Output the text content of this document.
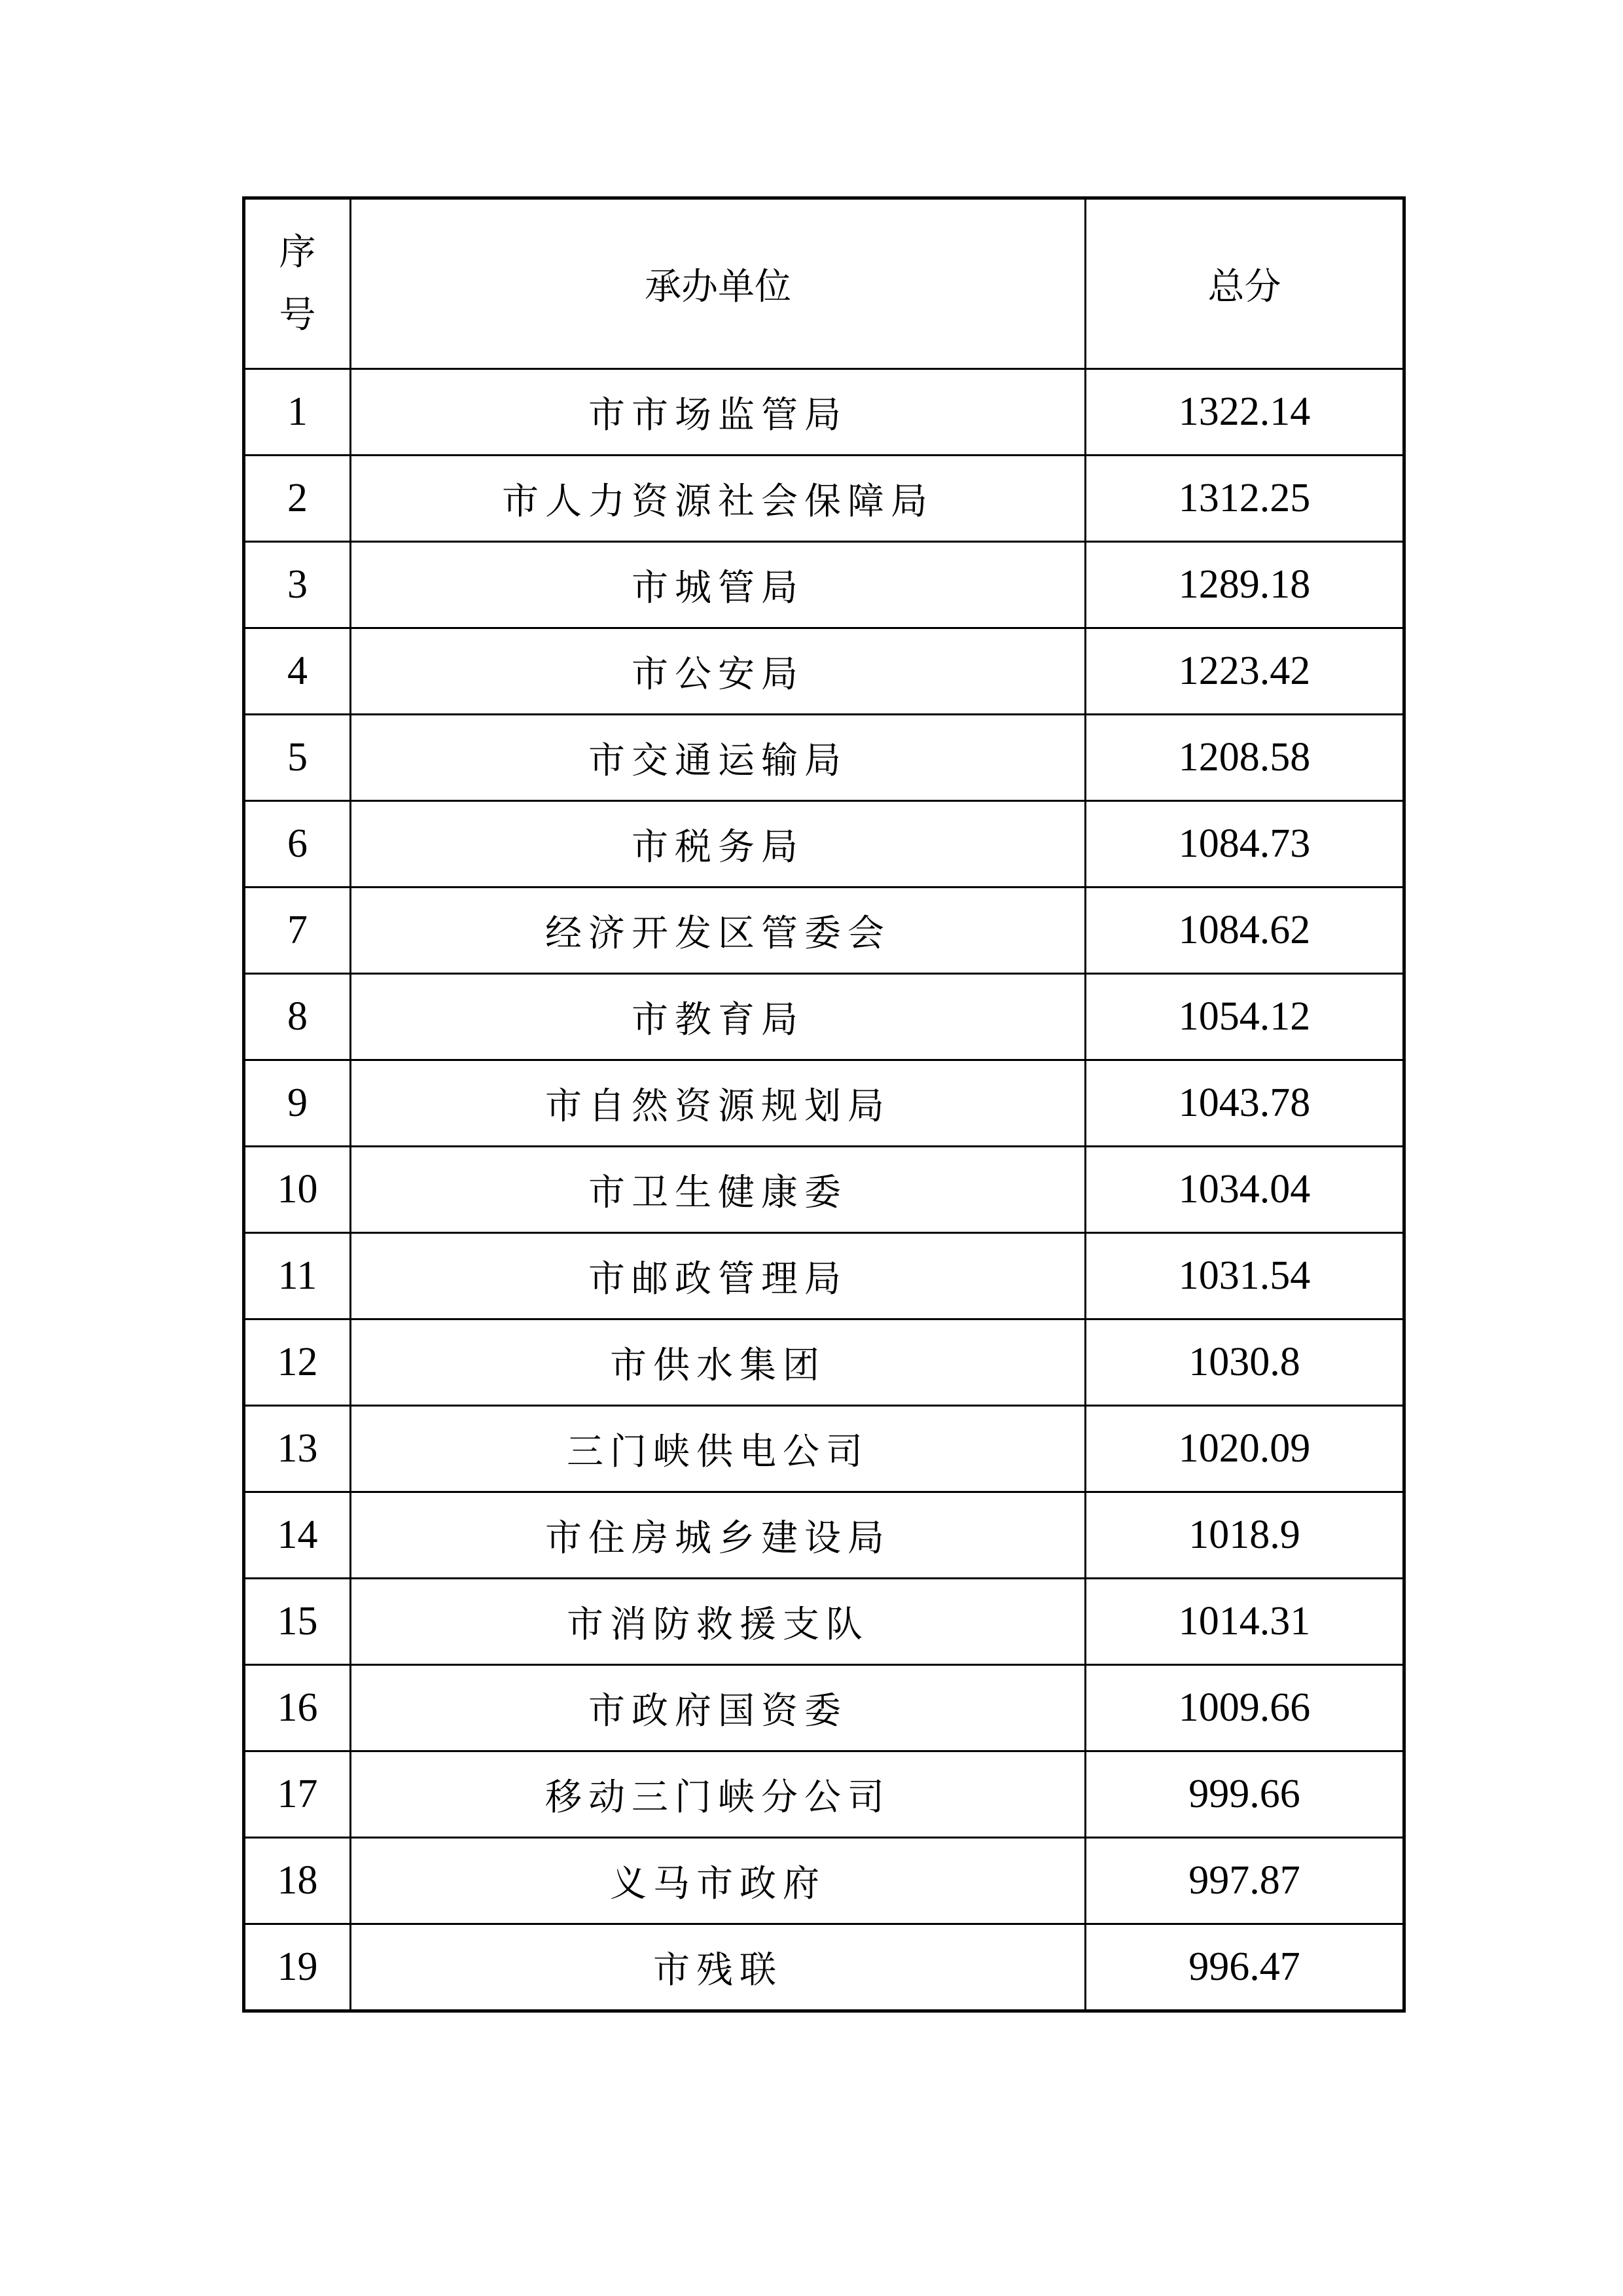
序
号	承办单位	总分
1	市市场监管局	1322.14
2	市人力资源社会保障局	1312.25
3	市城管局	1289.18
4	市公安局	1223.42
5	市交通运输局	1208.58
6	市税务局	1084.73
7	经济开发区管委会	1084.62
8	市教育局	1054.12
9	市自然资源规划局	1043.78
10	市卫生健康委	1034.04
11	市邮政管理局	1031.54
12	市供水集团	1030.8
13	三门峡供电公司	1020.09
14	市住房城乡建设局	1018.9
15	市消防救援支队	1014.31
16	市政府国资委	1009.66
17	移动三门峡分公司	999.66
18	义马市政府	997.87
19	市残联	996.47
